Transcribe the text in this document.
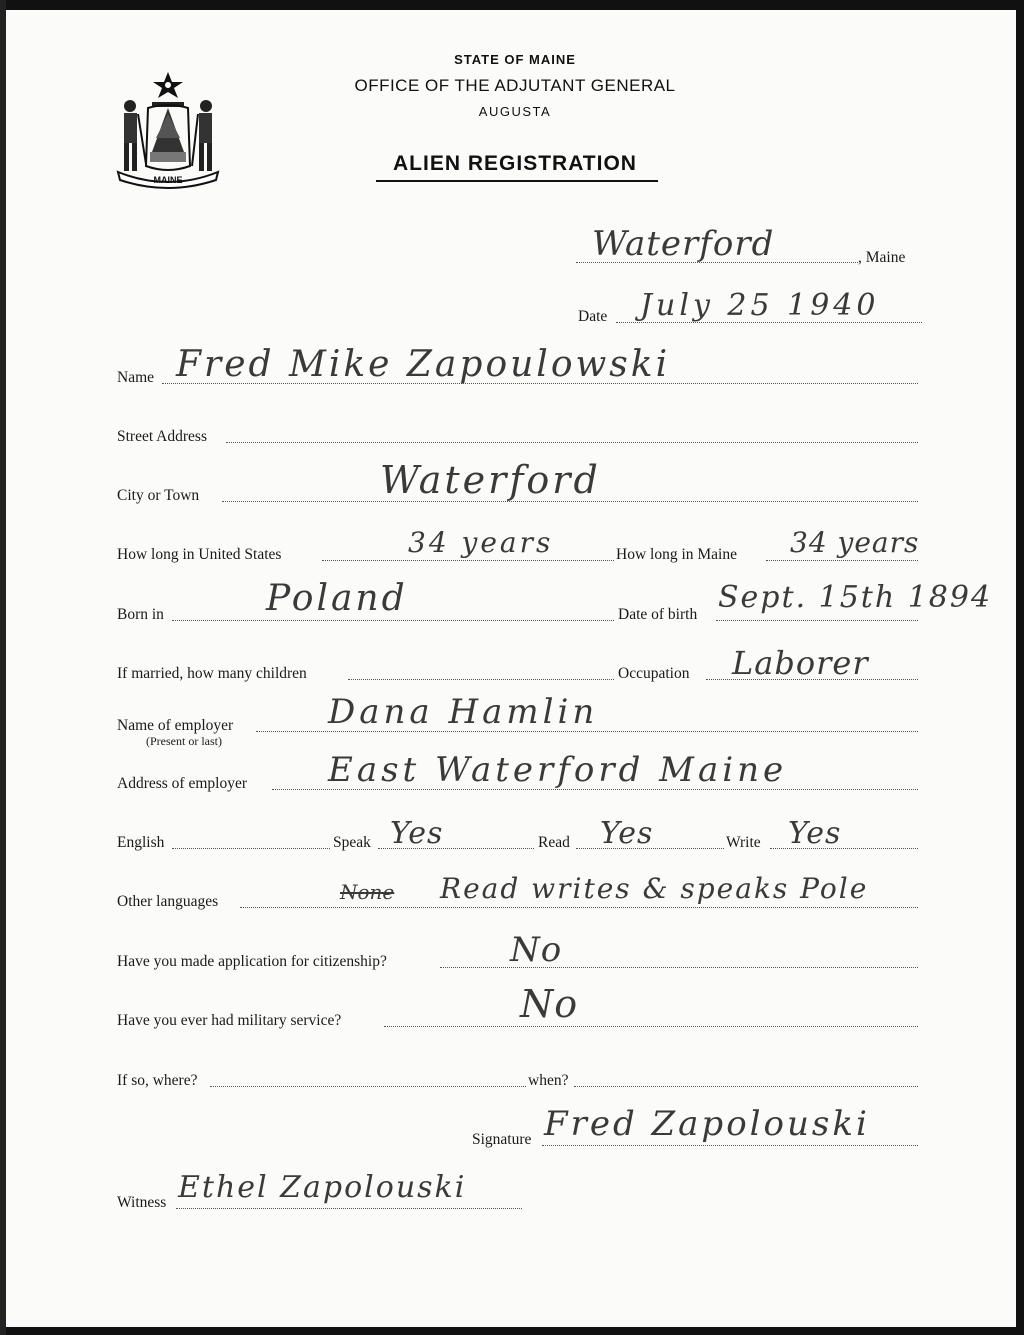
MAINE
STATE OF MAINE
OFFICE OF THE ADJUTANT GENERAL
AUGUSTA
ALIEN REGISTRATION
Waterford	, Maine
Date July 25 1940
Name Fred Mike Zapoulowski
Street Address
City or Town	Waterford
How long in United States	34 years	How long in Maine 34 years
Born in	Poland	Date of birth Sept. 15th 1894
If married, how many children	Occupation Laborer
Name of employer
(Present or last)
Dana Hamlin
Address of employer East Waterford Maine
English	Speak Yes	Read Yes	Write Yes
Other languages	None Read writes & speaks Pole
Have you made application for citizenship?	No
Have you ever had military service?	No
If so, where?	when?
Signature Fred Zapolouski
Witness Ethel Zapolouski
